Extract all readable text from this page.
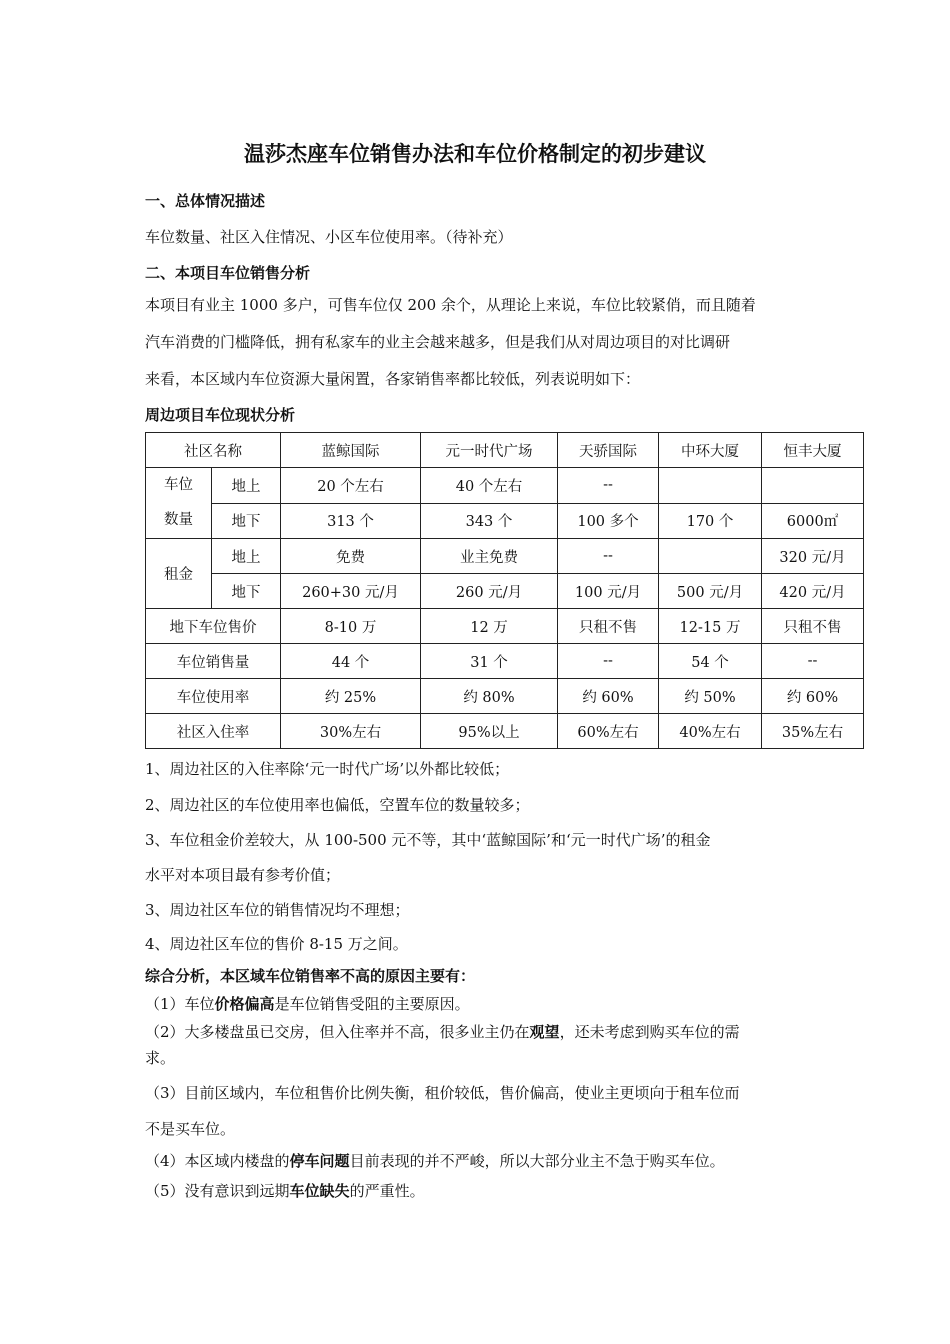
温莎杰座车位销售办法和车位价格制定的初步建议
一、总体情况描述
车位数量、社区入住情况、小区车位使用率。（待补充）
二、本项目车位销售分析
本项目有业主 1000 多户，可售车位仅 200 余个，从理论上来说，车位比较紧俏，而且随着
汽车消费的门槛降低，拥有私家车的业主会越来越多，但是我们从对周边项目的对比调研
来看，本区域内车位资源大量闲置，各家销售率都比较低，列表说明如下：
周边项目车位现状分析
社区名称		蓝鲸国际	元一时代广场	天骄国际	中环大厦	恒丰大厦
车位
数量	地上	20 个左右	40 个左右	--		
	地下	313 个	343 个	100 多个	170 个	6000㎡
租金	地上	免费	业主免费	--		320 元/月
	地下	260+30 元/月	260 元/月	100 元/月	500 元/月	420 元/月
地下车位售价		8-10 万	12 万	只租不售	12-15 万	只租不售
车位销售量		44 个	31 个	--	54 个	--
车位使用率		约 25%	约 80%	约 60%	约 50%	约 60%
社区入住率		30%左右	95%以上	60%左右	40%左右	35%左右
1、周边社区的入住率除‘元一时代广场’以外都比较低；
2、周边社区的车位使用率也偏低，空置车位的数量较多；
3、车位租金价差较大，从 100-500 元不等，其中‘蓝鲸国际’和‘元一时代广场’的租金
水平对本项目最有参考价值；
3、周边社区车位的销售情况均不理想；
4、周边社区车位的售价 8-15 万之间。
综合分析，本区域车位销售率不高的原因主要有：
（1）车位价格偏高是车位销售受阻的主要原因。
（2）大多楼盘虽已交房，但入住率并不高，很多业主仍在观望，还未考虑到购买车位的需
求。
（3）目前区域内，车位租售价比例失衡，租价较低，售价偏高，使业主更顷向于租车位而
不是买车位。
（4）本区域内楼盘的停车问题目前表现的并不严峻，所以大部分业主不急于购买车位。
（5）没有意识到远期车位缺失的严重性。
